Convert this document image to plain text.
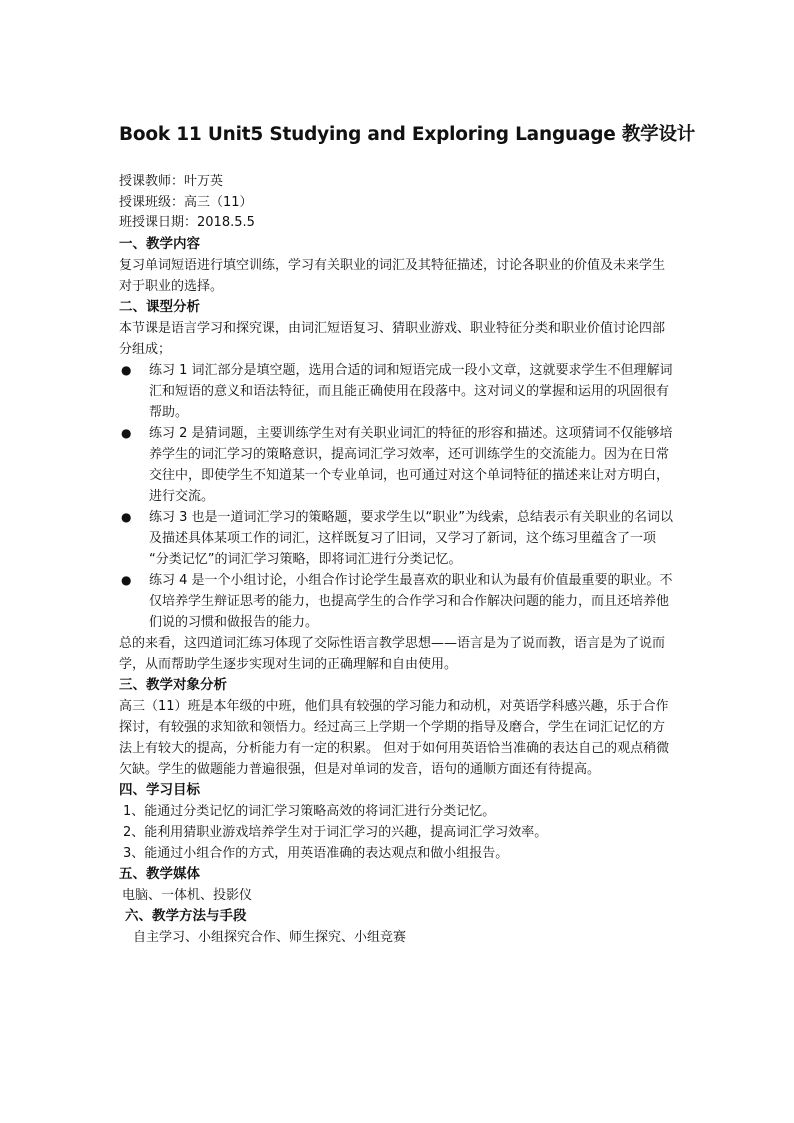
Book 11 Unit5 Studying and Exploring Language 教学设计
授课教师：叶万英
授课班级：高三（11）
班授课日期：2018.5.5
一、教学内容

复习单词短语进行填空训练，学习有关职业的词汇及其特征描述，讨论各职业的价值及未来学生对于职业的选择。

二、课型分析

本节课是语言学习和探究课，由词汇短语复习、猜职业游戏、职业特征分类和职业价值讨论四部分组成；

● 练习 1 词汇部分是填空题，选用合适的词和短语完成一段小文章，这就要求学生不但理解词汇和短语的意义和语法特征，而且能正确使用在段落中。这对词义的掌握和运用的巩固很有帮助。
● 练习 2 是猜词题，主要训练学生对有关职业词汇的特征的形容和描述。这项猜词不仅能够培养学生的词汇学习的策略意识，提高词汇学习效率，还可训练学生的交流能力。因为在日常交往中，即使学生不知道某一个专业单词，也可通过对这个单词特征的描述来让对方明白，进行交流。
● 练习 3 也是一道词汇学习的策略题，要求学生以“职业”为线索，总结表示有关职业的名词以及描述具体某项工作的词汇，这样既复习了旧词，又学习了新词，这个练习里蕴含了一项 “分类记忆”的词汇学习策略，即将词汇进行分类记忆。
● 练习 4 是一个小组讨论，小组合作讨论学生最喜欢的职业和认为最有价值最重要的职业。不仅培养学生辩证思考的能力，也提高学生的合作学习和合作解决问题的能力，而且还培养他们说的习惯和做报告的能力。

总的来看，这四道词汇练习体现了交际性语言教学思想——语言是为了说而教，语言是为了说而学，从而帮助学生逐步实现对生词的正确理解和自由使用。

三、教学对象分析

高三（11）班是本年级的中班，他们具有较强的学习能力和动机，对英语学科感兴趣，乐于合作探讨，有较强的求知欲和领悟力。经过高三上学期一个学期的指导及磨合，学生在词汇记忆的方法上有较大的提高，分析能力有一定的积累。 但对于如何用英语恰当准确的表达自己的观点稍微欠缺。学生的做题能力普遍很强，但是对单词的发音，语句的通顺方面还有待提高。

四、学习目标
1、能通过分类记忆的词汇学习策略高效的将词汇进行分类记忆。
2、能利用猜职业游戏培养学生对于词汇学习的兴趣，提高词汇学习效率。
3、能通过小组合作的方式，用英语准确的表达观点和做小组报告。
五、教学媒体
电脑、一体机、投影仪
六、教学方法与手段
自主学习、小组探究合作、师生探究、小组竞赛
